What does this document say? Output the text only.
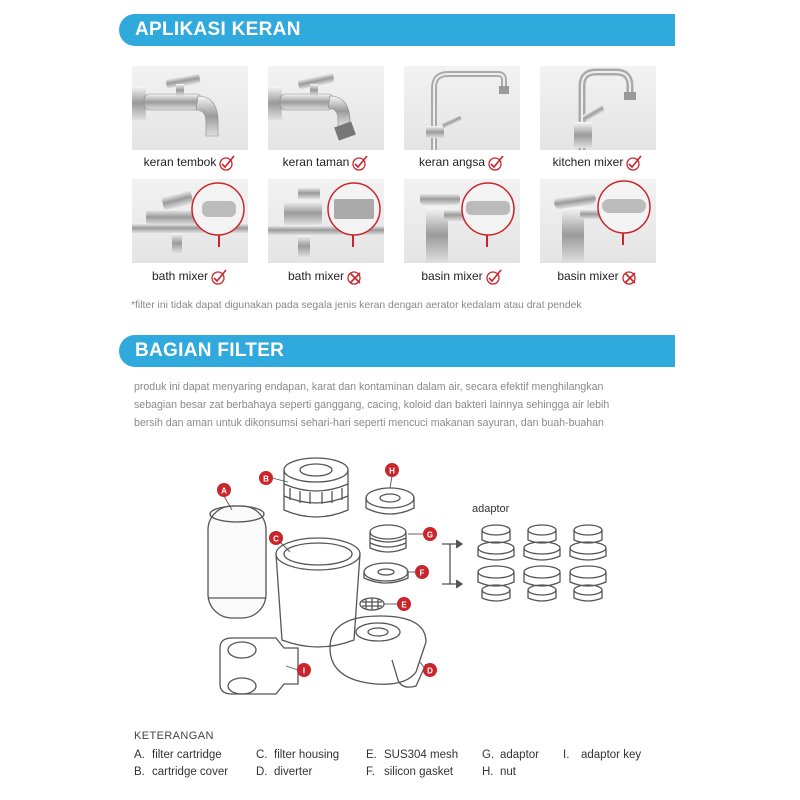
APLIKASI KERAN
BAGIAN FILTER
keran tembok	keran taman	keran angsa	kitchen mixer
bath mixer	bath mixer	basin mixer	basin mixer
*filter ini tidak dapat digunakan pada segala jenis keran dengan aerator kedalam atau drat pendek
produk ini dapat menyaring endapan, karat dan kontaminan dalam air, secara efektif menghilangkan
sebagian besar zat berbahaya seperti ganggang, cacing, koloid dan bakteri lainnya sehingga air lebih
bersih dan aman untuk dikonsumsi sehari-hari seperti mencuci makanan sayuran, dan buah-buahan
A
B
C
D
E
F
G
H
I
adaptor
KETERANGAN
A. filter cartridge
B. cartridge cover
C. filter housing
D. diverter
E. SUS304 mesh
F. silicon gasket
G. adaptor
H. nut
I. adaptor key
